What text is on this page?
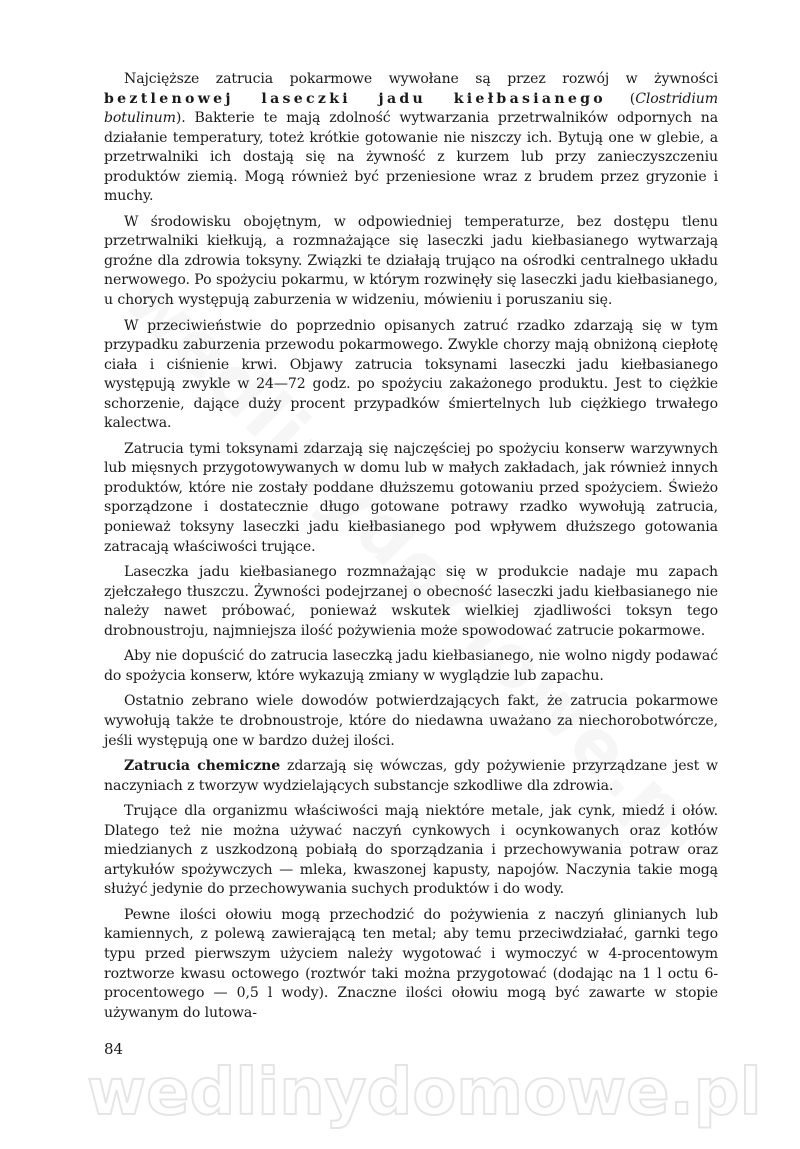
Najcięższe zatrucia pokarmowe wywołane są przez rozwój w żywności beztlenowej laseczki jadu kiełbasianego (Clostridium botulinum). Bakterie te mają zdolność wytwarzania przetrwalników odpornych na działanie temperatury, toteż krótkie gotowanie nie niszczy ich. Bytują one w glebie, a przetrwalniki ich dostają się na żywność z kurzem lub przy zanieczyszczeniu produktów ziemią. Mogą również być przeniesione wraz z brudem przez gryzonie i muchy.

W środowisku obojętnym, w odpowiedniej temperaturze, bez dostępu tlenu przetrwalniki kiełkują, a rozmnażające się laseczki jadu kiełbasianego wytwarzają groźne dla zdrowia toksyny. Związki te działają trująco na ośrodki centralnego układu nerwowego. Po spożyciu pokarmu, w którym rozwinęły się laseczki jadu kiełbasianego, u chorych występują zaburzenia w widzeniu, mówieniu i poruszaniu się.

W przeciwieństwie do poprzednio opisanych zatruć rzadko zdarzają się w tym przypadku zaburzenia przewodu pokarmowego. Zwykle chorzy mają obniżoną ciepłotę ciała i ciśnienie krwi. Objawy zatrucia toksynami laseczki jadu kiełbasianego występują zwykle w 24—72 godz. po spożyciu zakażonego produktu. Jest to ciężkie schorzenie, dające duży procent przypadków śmiertelnych lub ciężkiego trwałego kalectwa.

Zatrucia tymi toksynami zdarzają się najczęściej po spożyciu konserw warzywnych lub mięsnych przygotowywanych w domu lub w małych zakładach, jak również innych produktów, które nie zostały poddane dłuższemu gotowaniu przed spożyciem. Świeżo sporządzone i dostatecznie długo gotowane potrawy rzadko wywołują zatrucia, ponieważ toksyny laseczki jadu kiełbasianego pod wpływem dłuższego gotowania zatracają właściwości trujące.

Laseczka jadu kiełbasianego rozmnażając się w produkcie nadaje mu zapach zjełczałego tłuszczu. Żywności podejrzanej o obecność laseczki jadu kiełbasianego nie należy nawet próbować, ponieważ wskutek wielkiej zjadliwości toksyn tego drobnoustroju, najmniejsza ilość pożywienia może spowodować zatrucie pokarmowe.

Aby nie dopuścić do zatrucia laseczką jadu kiełbasianego, nie wolno nigdy podawać do spożycia konserw, które wykazują zmiany w wyglądzie lub zapachu.

Ostatnio zebrano wiele dowodów potwierdzających fakt, że zatrucia pokarmowe wywołują także te drobnoustroje, które do niedawna uważano za niechorobotwórcze, jeśli występują one w bardzo dużej ilości.

Zatrucia chemiczne zdarzają się wówczas, gdy pożywienie przyrządzane jest w naczyniach z tworzyw wydzielających substancje szkodliwe dla zdrowia.

Trujące dla organizmu właściwości mają niektóre metale, jak cynk, miedź i ołów. Dlatego też nie można używać naczyń cynkowych i ocynkowanych oraz kotłów miedzianych z uszkodzoną pobiałą do sporządzania i przechowywania potraw oraz artykułów spożywczych — mleka, kwaszonej kapusty, napojów. Naczynia takie mogą służyć jedynie do przechowywania suchych produktów i do wody.

Pewne ilości ołowiu mogą przechodzić do pożywienia z naczyń glinianych lub kamiennych, z polewą zawierającą ten metal; aby temu przeciwdziałać, garnki tego typu przed pierwszym użyciem należy wygotować i wymoczyć w 4-procentowym roztworze kwasu octowego (roztwór taki można przygotować (dodając na 1 l octu 6-procentowego — 0,5 l wody). Znaczne ilości ołowiu mogą być zawarte w stopie używanym do lutowa-

84
wedlinydomowe.pl
